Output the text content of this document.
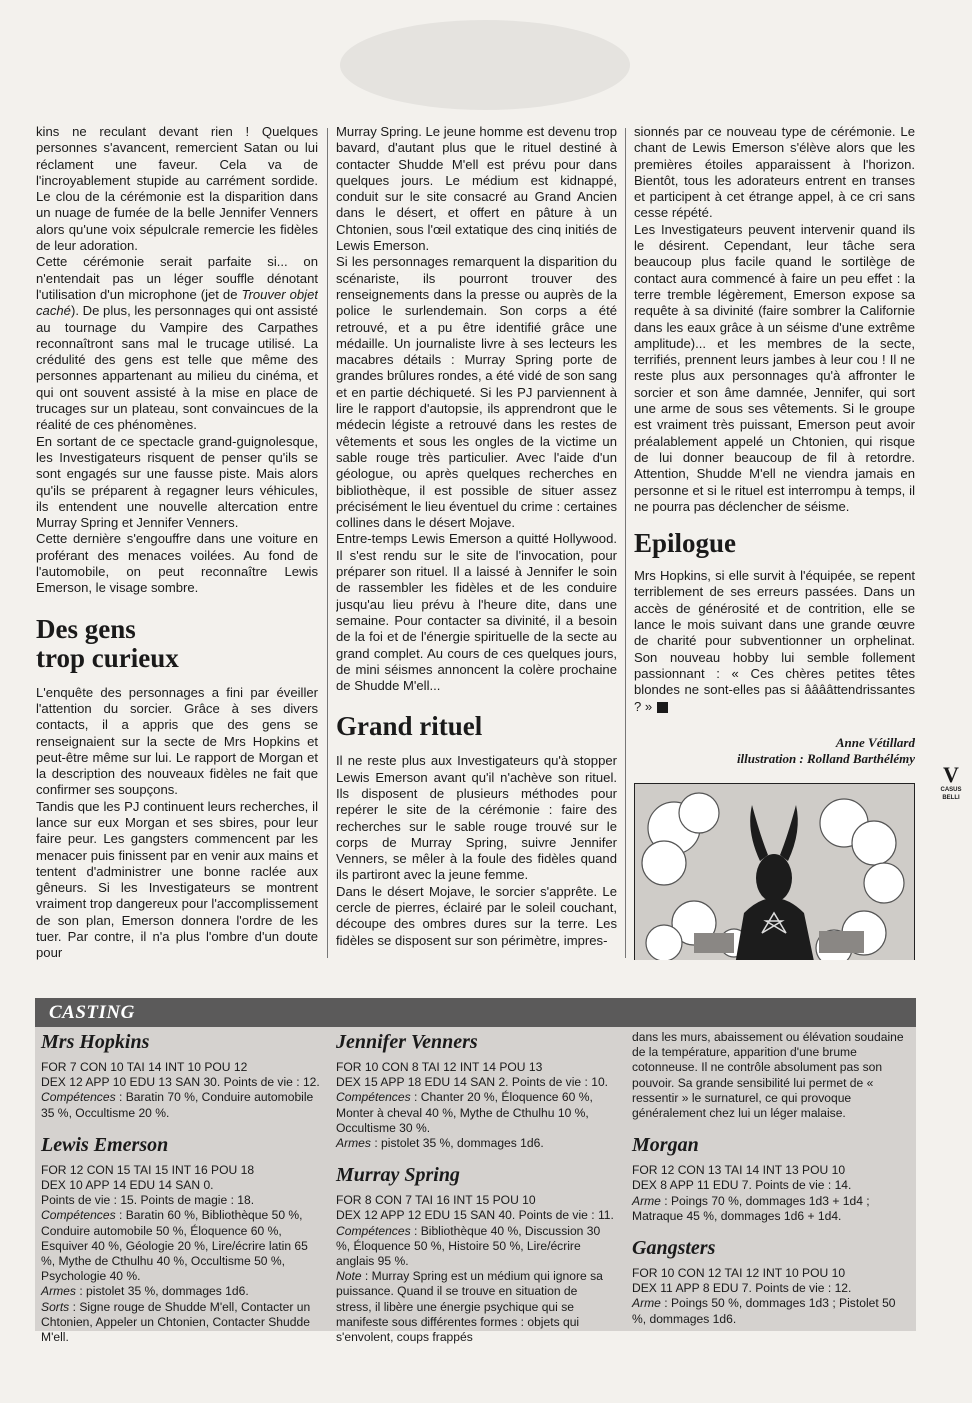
kins ne reculant devant rien ! Quelques personnes s'avancent, remercient Satan ou lui réclament une faveur. Cela va de l'incroyablement stupide au carrément sordide. Le clou de la cérémonie est la disparition dans un nuage de fumée de la belle Jennifer Venners alors qu'une voix sépulcrale remercie les fidèles de leur adoration.

Cette cérémonie serait parfaite si... on n'entendait pas un léger souffle dénotant l'utilisation d'un microphone (jet de Trouver objet caché). De plus, les personnages qui ont assisté au tournage du Vampire des Carpathes reconnaîtront sans mal le trucage utilisé. La crédulité des gens est telle que même des personnes appartenant au milieu du cinéma, et qui ont souvent assisté à la mise en place de trucages sur un plateau, sont convaincues de la réalité de ces phénomènes.

En sortant de ce spectacle grand-guignolesque, les Investigateurs risquent de penser qu'ils se sont engagés sur une fausse piste. Mais alors qu'ils se préparent à regagner leurs véhicules, ils entendent une nouvelle altercation entre Murray Spring et Jennifer Venners.

Cette dernière s'engouffre dans une voiture en proférant des menaces voilées. Au fond de l'automobile, on peut reconnaître Lewis Emerson, le visage sombre.

Des gens
trop curieux

L'enquête des personnages a fini par éveiller l'attention du sorcier. Grâce à ses divers contacts, il a appris que des gens se renseignaient sur la secte de Mrs Hopkins et peut-être même sur lui. Le rapport de Morgan et la description des nouveaux fidèles ne fait que confirmer ses soupçons.

Tandis que les PJ continuent leurs recherches, il lance sur eux Morgan et ses sbires, pour leur faire peur. Les gangsters commencent par les menacer puis finissent par en venir aux mains et tentent d'administrer une bonne raclée aux gêneurs. Si les Investigateurs se montrent vraiment trop dangereux pour l'accomplissement de son plan, Emerson donnera l'ordre de les tuer. Par contre, il n'a plus l'ombre d'un doute pour

Murray Spring. Le jeune homme est devenu trop bavard, d'autant plus que le rituel destiné à contacter Shudde M'ell est prévu pour dans quelques jours. Le médium est kidnappé, conduit sur le site consacré au Grand Ancien dans le désert, et offert en pâture à un Chtonien, sous l'œil extatique des cinq initiés de Lewis Emerson.

Si les personnages remarquent la disparition du scénariste, ils pourront trouver des renseignements dans la presse ou auprès de la police le surlendemain. Son corps a été retrouvé, et a pu être identifié grâce une médaille. Un journaliste livre à ses lecteurs les macabres détails : Murray Spring porte de grandes brûlures rondes, a été vidé de son sang et en partie déchiqueté. Si les PJ parviennent à lire le rapport d'autopsie, ils apprendront que le médecin légiste a retrouvé dans les restes de vêtements et sous les ongles de la victime un sable rouge très particulier. Avec l'aide d'un géologue, ou après quelques recherches en bibliothèque, il est possible de situer assez précisément le lieu éventuel du crime : certaines collines dans le désert Mojave.

Entre-temps Lewis Emerson a quitté Hollywood. Il s'est rendu sur le site de l'invocation, pour préparer son rituel. Il a laissé à Jennifer le soin de rassembler les fidèles et de les conduire jusqu'au lieu prévu à l'heure dite, dans une semaine. Pour contacter sa divinité, il a besoin de la foi et de l'énergie spirituelle de la secte au grand complet. Au cours de ces quelques jours, de mini séismes annoncent la colère prochaine de Shudde M'ell...

Grand rituel

Il ne reste plus aux Investigateurs qu'à stopper Lewis Emerson avant qu'il n'achève son rituel. Ils disposent de plusieurs méthodes pour repérer le site de la cérémonie : faire des recherches sur le sable rouge trouvé sur le corps de Murray Spring, suivre Jennifer Venners, se mêler à la foule des fidèles quand ils partiront avec la jeune femme.

Dans le désert Mojave, le sorcier s'apprête. Le cercle de pierres, éclairé par le soleil couchant, découpe des ombres dures sur la terre. Les fidèles se disposent sur son périmètre, impres-

sionnés par ce nouveau type de cérémonie. Le chant de Lewis Emerson s'élève alors que les premières étoiles apparaissent à l'horizon. Bientôt, tous les adorateurs entrent en transes et participent à cet étrange appel, à ce cri sans cesse répété.

Les Investigateurs peuvent intervenir quand ils le désirent. Cependant, leur tâche sera beaucoup plus facile quand le sortilège de contact aura commencé à faire un peu effet : la terre tremble légèrement, Emerson expose sa requête à sa divinité (faire sombrer la Californie dans les eaux grâce à un séisme d'une extrême amplitude)... et les membres de la secte, terrifiés, prennent leurs jambes à leur cou ! Il ne reste plus aux personnages qu'à affronter le sorcier et son âme damnée, Jennifer, qui sort une arme de sous ses vêtements. Si le groupe est vraiment très puissant, Emerson peut avoir préalablement appelé un Chtonien, qui risque de lui donner beaucoup de fil à retordre. Attention, Shudde M'ell ne viendra jamais en personne et si le rituel est interrompu à temps, il ne pourra pas déclencher de séisme.

Epilogue

Mrs Hopkins, si elle survit à l'équipée, se repent terriblement de ses erreurs passées. Dans un accès de générosité et de contrition, elle se lance le mois suivant dans une grande œuvre de charité pour subventionner un orphelinat. Son nouveau hobby lui semble follement passionnant : « Ces chères petites têtes blondes ne sont-elles pas si ââââttendrissantes ? »

Anne Vétillard
illustration : Rolland Barthélémy
V
CASUS BELLI
CASTING
Mrs Hopkins

FOR 7 CON 10 TAI 14 INT 10 POU 12

DEX 12 APP 10 EDU 13 SAN 30. Points de vie : 12.

Compétences : Baratin 70 %, Conduire automobile 35 %, Occultisme 20 %.

Lewis Emerson

FOR 12 CON 15 TAI 15 INT 16 POU 18

DEX 10 APP 14 EDU 14 SAN 0.

Points de vie : 15. Points de magie : 18.

Compétences : Baratin 60 %, Bibliothèque 50 %, Conduire automobile 50 %, Éloquence 60 %, Esquiver 40 %, Géologie 20 %, Lire/écrire latin 65 %, Mythe de Cthulhu 40 %, Occultisme 50 %, Psychologie 40 %.

Armes : pistolet 35 %, dommages 1d6.

Sorts : Signe rouge de Shudde M'ell, Contacter un Chtonien, Appeler un Chtonien, Contacter Shudde M'ell.

Jennifer Venners

FOR 10 CON 8 TAI 12 INT 14 POU 13

DEX 15 APP 18 EDU 14 SAN 2. Points de vie : 10.

Compétences : Chanter 20 %, Éloquence 60 %, Monter à cheval 40 %, Mythe de Cthulhu 10 %, Occultisme 30 %.

Armes : pistolet 35 %, dommages 1d6.

Murray Spring

FOR 8 CON 7 TAI 16 INT 15 POU 10

DEX 12 APP 12 EDU 15 SAN 40. Points de vie : 11.

Compétences : Bibliothèque 40 %, Discussion 30 %, Éloquence 50 %, Histoire 50 %, Lire/écrire anglais 95 %.

Note : Murray Spring est un médium qui ignore sa puissance. Quand il se trouve en situation de stress, il libère une énergie psychique qui se manifeste sous différentes formes : objets qui s'envolent, coups frappés

dans les murs, abaissement ou élévation soudaine de la température, apparition d'une brume cotonneuse. Il ne contrôle absolument pas son pouvoir. Sa grande sensibilité lui permet de « ressentir » le surnaturel, ce qui provoque généralement chez lui un léger malaise.

Morgan

FOR 12 CON 13 TAI 14 INT 13 POU 10

DEX 8 APP 11 EDU 7. Points de vie : 14.

Arme : Poings 70 %, dommages 1d3 + 1d4 ; Matraque 45 %, dommages 1d6 + 1d4.

Gangsters

FOR 10 CON 12 TAI 12 INT 10 POU 10

DEX 11 APP 8 EDU 7. Points de vie : 12.

Arme : Poings 50 %, dommages 1d3 ; Pistolet 50 %, dommages 1d6.
